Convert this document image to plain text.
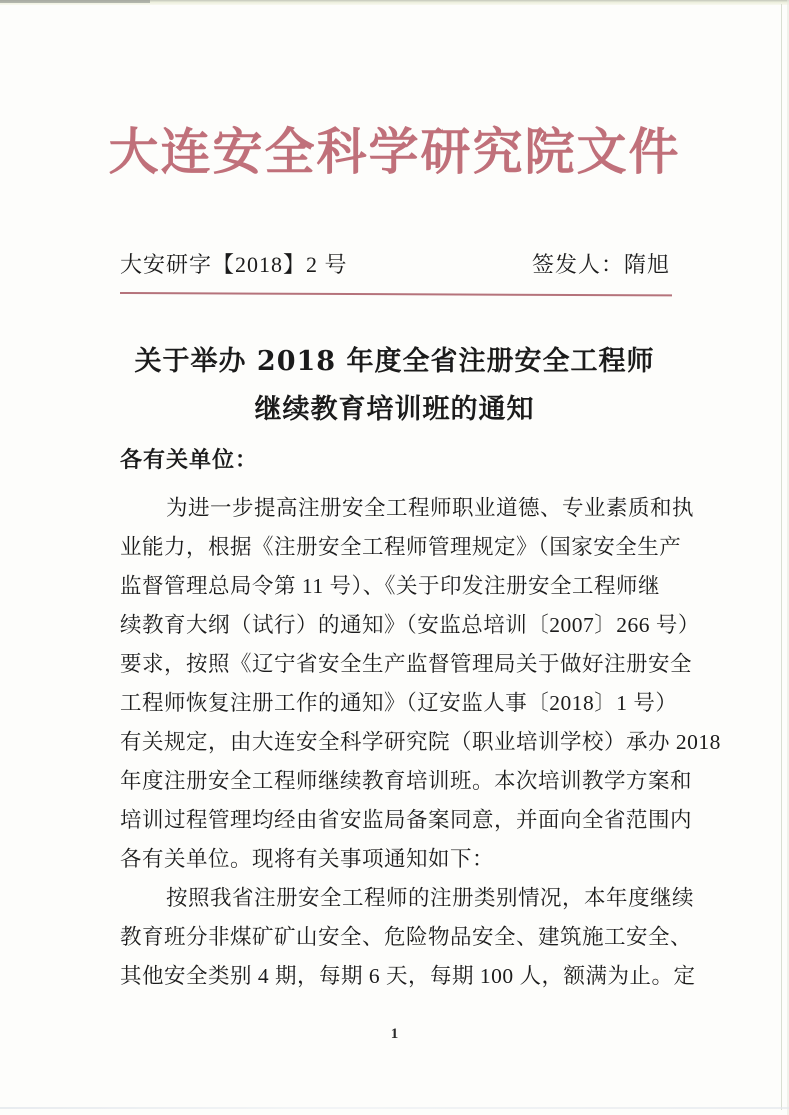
大连安全科学研究院文件
大安研字【2018】2 号	签发人：隋旭
关于举办 2018 年度全省注册安全工程师
继续教育培训班的通知
各有关单位：
为进一步提高注册安全工程师职业道德、专业素质和执
业能力，根据《注册安全工程师管理规定》（国家安全生产
监督管理总局令第 11 号）、《关于印发注册安全工程师继
续教育大纲（试行）的通知》（安监总培训〔2007〕266 号）
要求，按照《辽宁省安全生产监督管理局关于做好注册安全
工程师恢复注册工作的通知》（辽安监人事〔2018〕1 号）
有关规定，由大连安全科学研究院（职业培训学校）承办 2018
年度注册安全工程师继续教育培训班。本次培训教学方案和
培训过程管理均经由省安监局备案同意，并面向全省范围内
各有关单位。现将有关事项通知如下：
按照我省注册安全工程师的注册类别情况，本年度继续
教育班分非煤矿矿山安全、危险物品安全、建筑施工安全、
其他安全类别 4 期，每期 6 天，每期 100 人，额满为止。定
1
